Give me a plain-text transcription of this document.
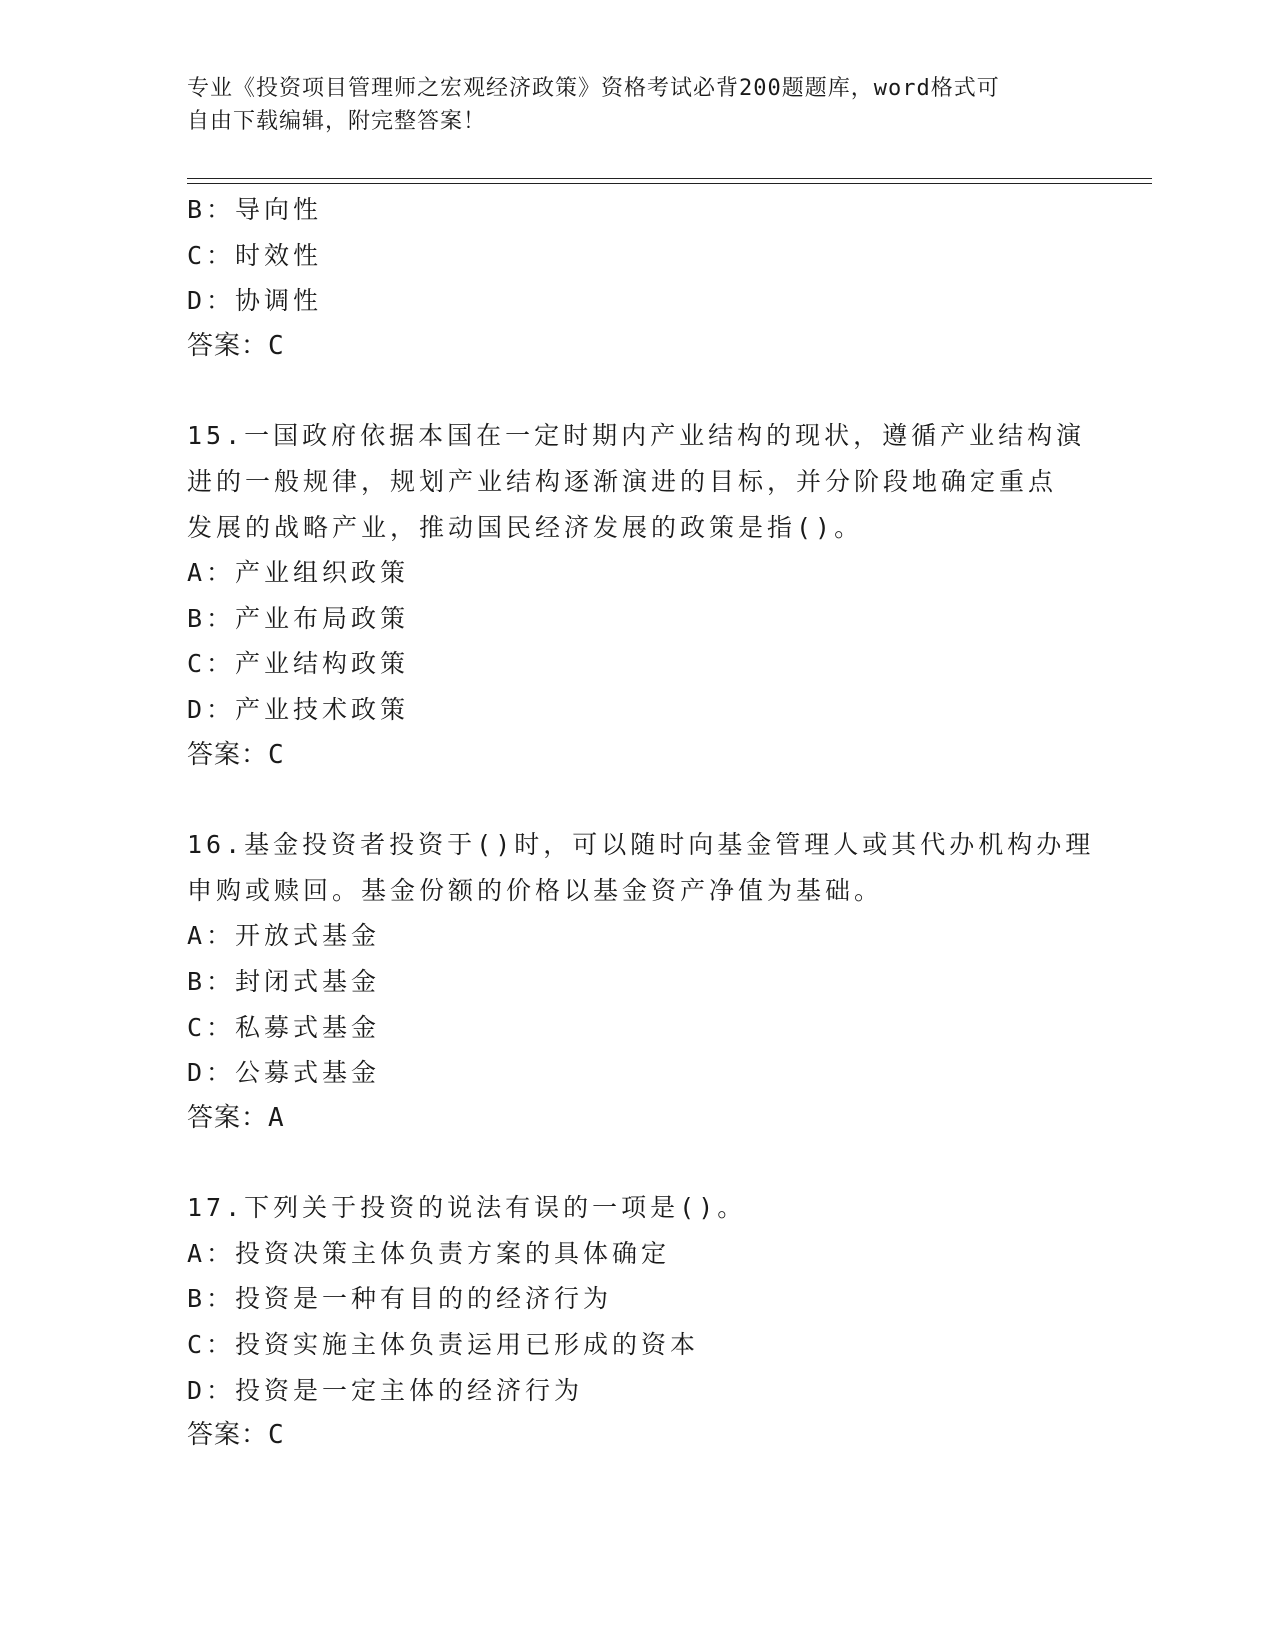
专业《投资项目管理师之宏观经济政策》资格考试必背200题题库，word格式可
自由下载编辑，附完整答案！
B：导向性
C：时效性
D：协调性
答案：C
15.一国政府依据本国在一定时期内产业结构的现状，遵循产业结构演
进的一般规律，规划产业结构逐渐演进的目标，并分阶段地确定重点
发展的战略产业，推动国民经济发展的政策是指()。
A：产业组织政策
B：产业布局政策
C：产业结构政策
D：产业技术政策
答案：C
16.基金投资者投资于()时，可以随时向基金管理人或其代办机构办理
申购或赎回。基金份额的价格以基金资产净值为基础。
A：开放式基金
B：封闭式基金
C：私募式基金
D：公募式基金
答案：A
17.下列关于投资的说法有误的一项是()。
A：投资决策主体负责方案的具体确定
B：投资是一种有目的的经济行为
C：投资实施主体负责运用已形成的资本
D：投资是一定主体的经济行为
答案：C
